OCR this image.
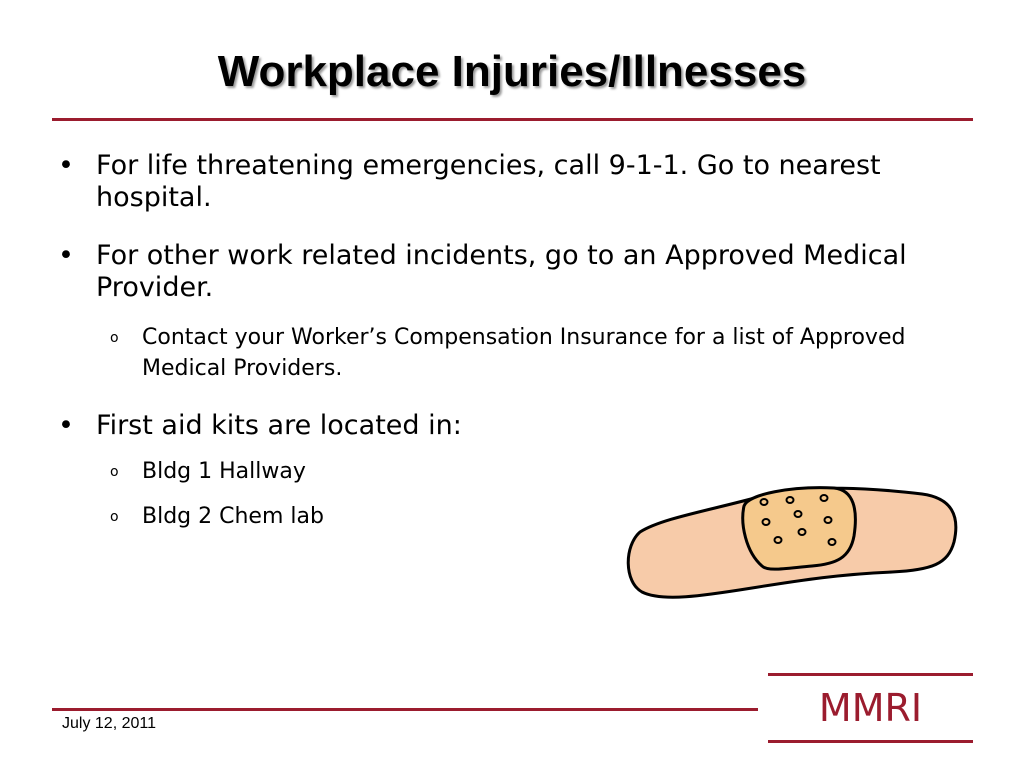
Workplace Injuries/Illnesses
• For life threatening emergencies, call 9-1-1. Go to nearest hospital.
• For other work related incidents, go to an Approved Medical Provider.
o Contact your Worker’s Compensation Insurance for a list of Approved Medical Providers.
• First aid kits are located in:
o Bldg 1 Hallway
o Bldg 2 Chem lab
MMRI
July 12, 2011
